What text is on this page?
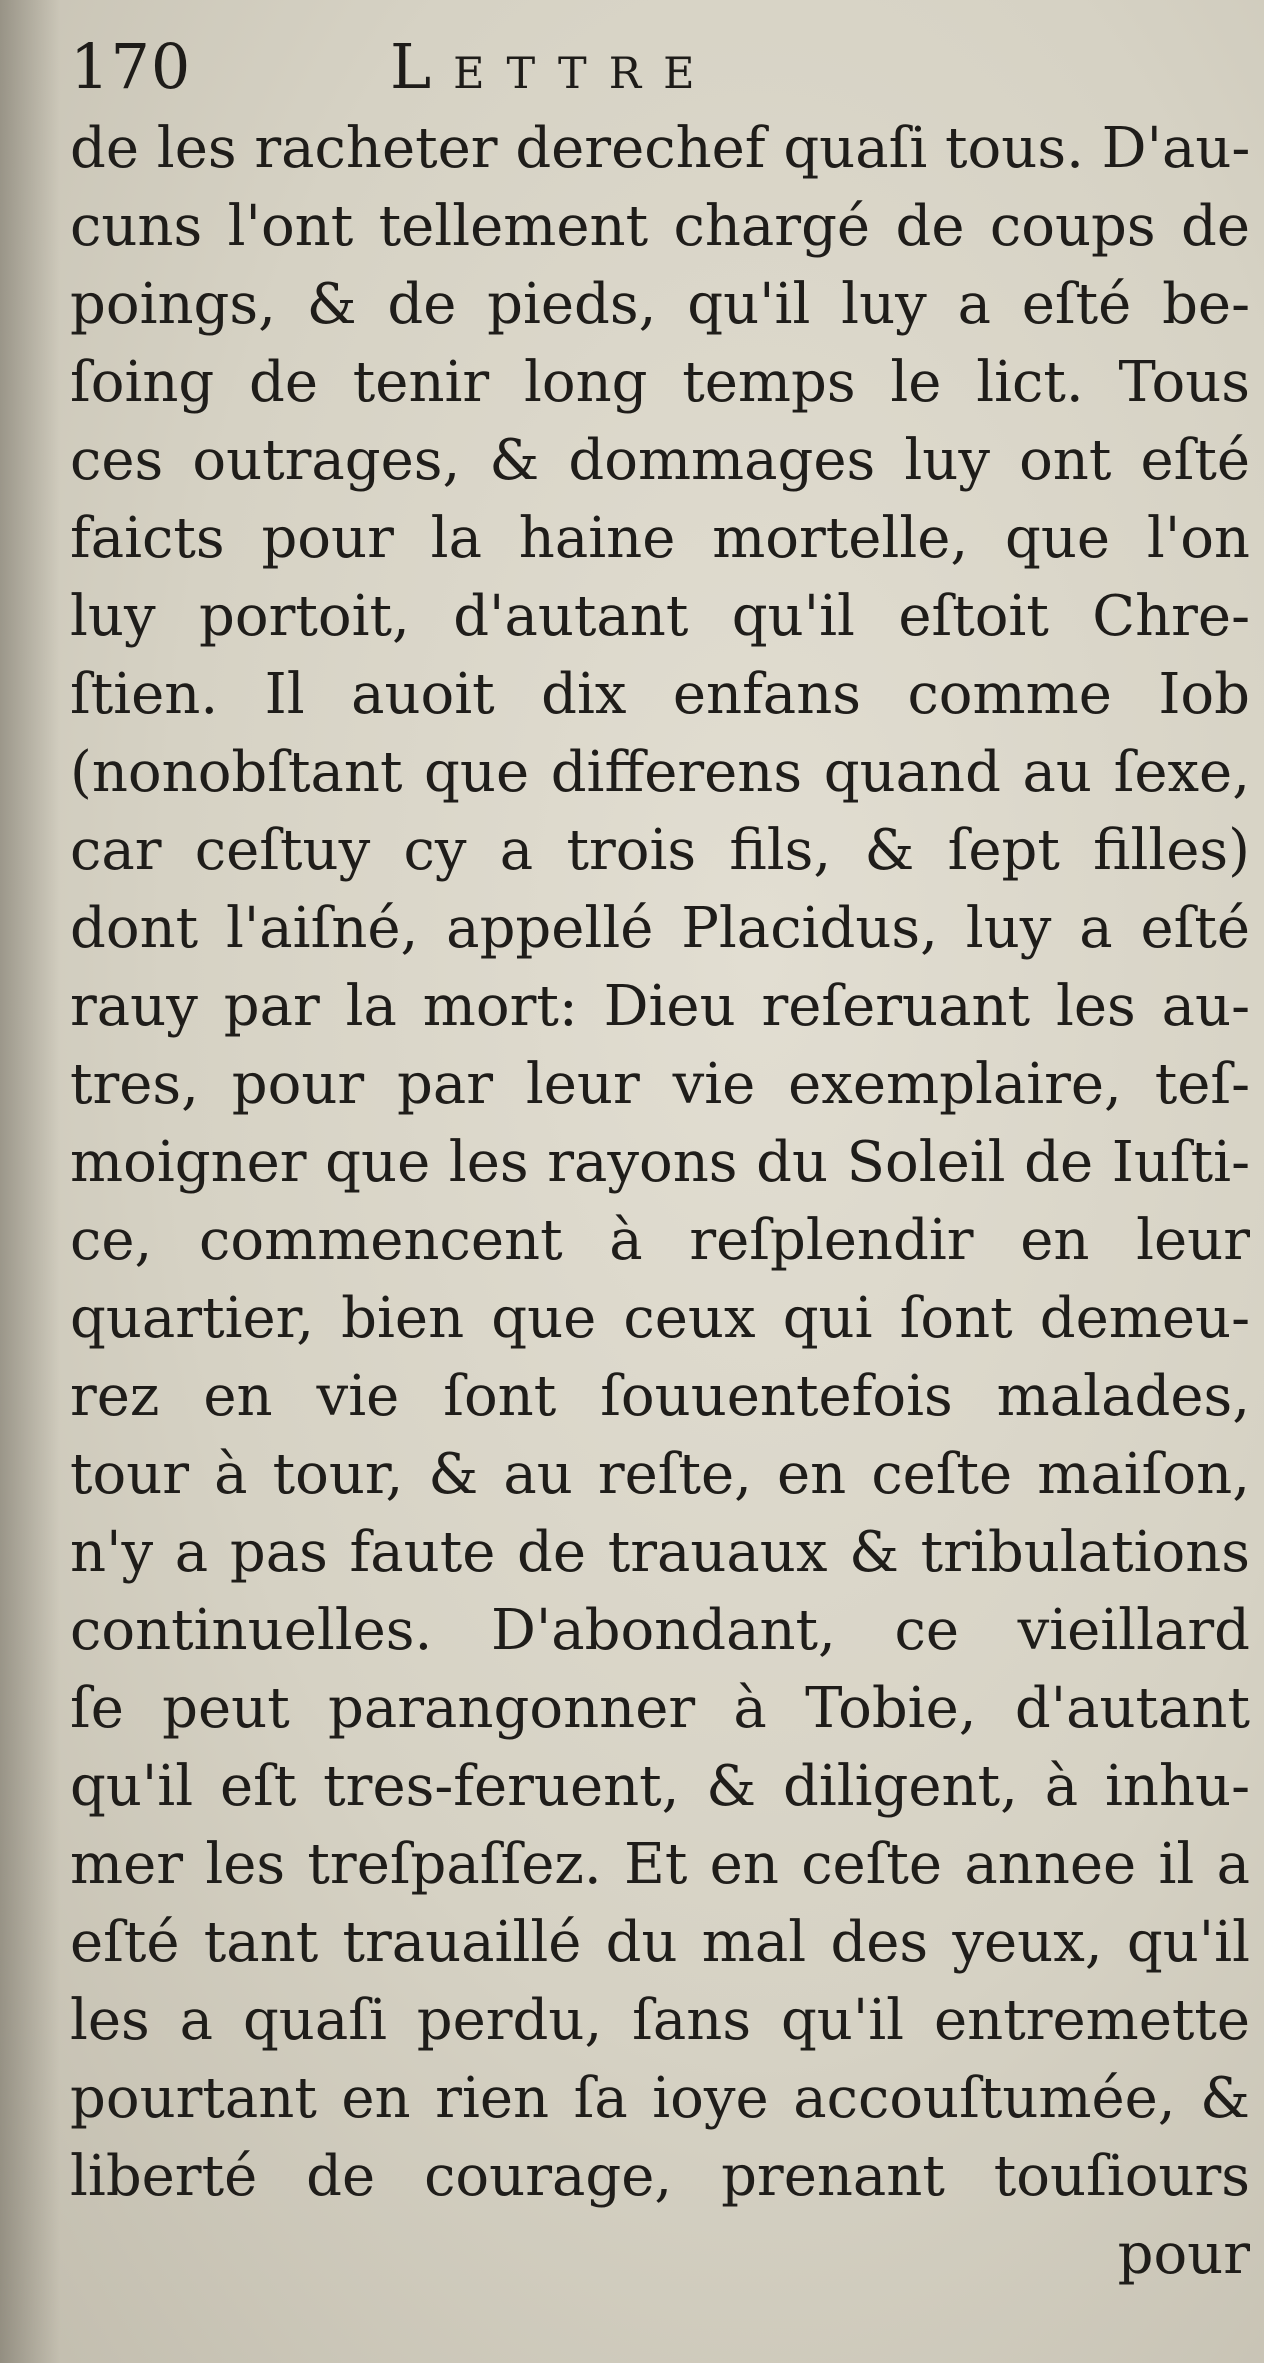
170	Lettre
de les racheter derechef quaſi tous. D'au-
cuns l'ont tellement chargé de coups de
poings, & de pieds, qu'il luy a eſté be-
ſoing de tenir long temps le lict. Tous
ces outrages, & dommages luy ont eſté
faicts pour la haine mortelle, que l'on
luy portoit, d'autant qu'il eſtoit Chre-
ſtien. Il auoit dix enfans comme Iob
(nonobſtant que differens quand au ſexe,
car ceſtuy cy a trois fils, & ſept filles)
dont l'aiſné, appellé Placidus, luy a eſté
rauy par la mort: Dieu reſeruant les au-
tres, pour par leur vie exemplaire, teſ-
moigner que les rayons du Soleil de Iuſti-
ce, commencent à reſplendir en leur
quartier, bien que ceux qui ſont demeu-
rez en vie ſont ſouuentefois malades,
tour à tour, & au reſte, en ceſte maiſon,
n'y a pas faute de trauaux & tribulations
continuelles. D'abondant, ce vieillard
ſe peut parangonner à Tobie, d'autant
qu'il eſt tres-feruent, & diligent, à inhu-
mer les treſpaſſez. Et en ceſte annee il a
eſté tant trauaillé du mal des yeux, qu'il
les a quaſi perdu, ſans qu'il entremette
pourtant en rien ſa ioye accouſtumée, &
liberté de courage, prenant touſiours
pour
